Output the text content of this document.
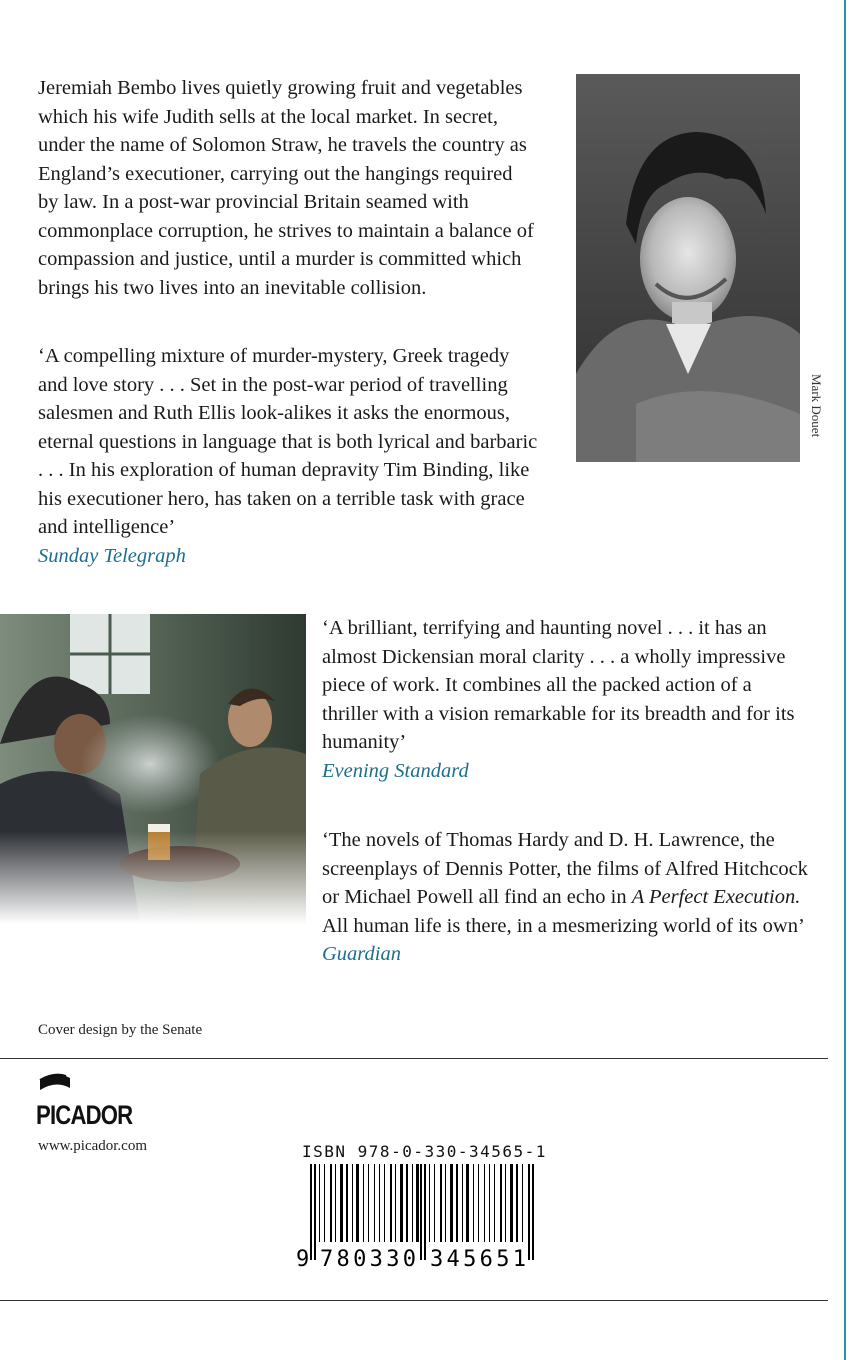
Jeremiah Bembo lives quietly growing fruit and vegetables which his wife Judith sells at the local market. In secret, under the name of Solomon Straw, he travels the country as England’s executioner, carrying out the hangings required by law. In a post-war provincial Britain seamed with commonplace corruption, he strives to maintain a balance of compassion and justice, until a murder is committed which brings his two lives into an inevitable collision.

Mark Douet

‘A compelling mixture of murder-mystery, Greek tragedy and love story . . . Set in the post-war period of travelling salesmen and Ruth Ellis look-alikes it asks the enormous, eternal questions in language that is both lyrical and barbaric . . . In his exploration of human depravity Tim Binding, like his executioner hero, has taken on a terrible task with grace and intelligence’
Sunday Telegraph

‘A brilliant, terrifying and haunting novel . . . it has an almost Dickensian moral clarity . . . a wholly impressive piece of work. It combines all the packed action of a thriller with a vision remarkable for its breadth and for its humanity’
Evening Standard

‘The novels of Thomas Hardy and D. H. Lawrence, the screenplays of Dennis Potter, the films of Alfred Hitchcock or Michael Powell all find an echo in A Perfect Execution. All human life is there, in a mesmerizing world of its own’
Guardian

Cover design by the Senate
PICADOR
www.picador.com	ISBN 978-0-330-34565-1
9 780330 345651
